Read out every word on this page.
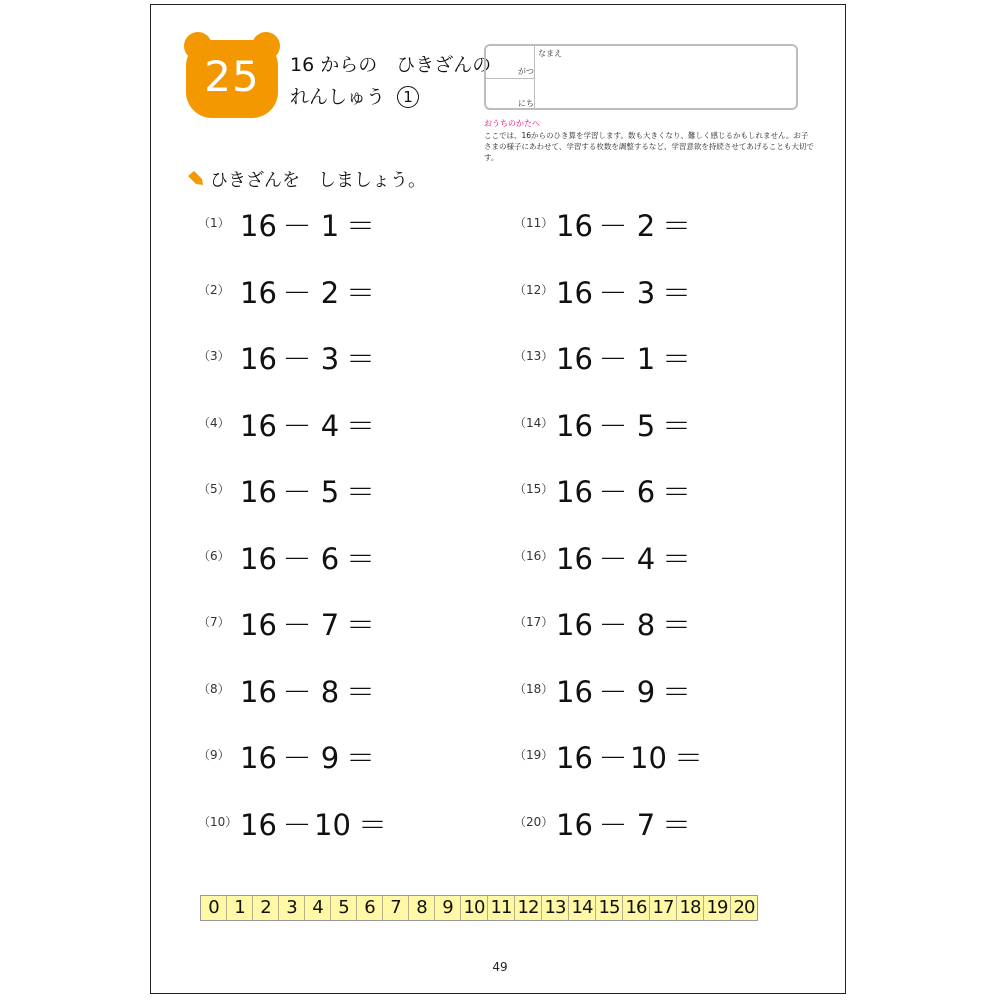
25	16 からの　ひきざんの
れんしゅう 1
なまえ
がつ
にち
おうちのかたへ
ここでは、16からのひき算を学習します。数も大きくなり、難しく感じるかもしれません。お子さまの様子にあわせて、学習する枚数を調整するなど、学習意欲を持続させてあげることも大切です。
ひきざんを　しましょう。
（1） 16 － 1 ＝
（2） 16 － 2 ＝
（3） 16 － 3 ＝
（4） 16 － 4 ＝
（5） 16 － 5 ＝
（6） 16 － 6 ＝
（7） 16 － 7 ＝
（8） 16 － 8 ＝
（9） 16 － 9 ＝
（10） 16 －10 ＝
（11） 16 － 2 ＝
（12） 16 － 3 ＝
（13） 16 － 1 ＝
（14） 16 － 5 ＝
（15） 16 － 6 ＝
（16） 16 － 4 ＝
（17） 16 － 8 ＝
（18） 16 － 9 ＝
（19） 16 －10 ＝
（20） 16 － 7 ＝
0 1 2 3 4 5 6 7 8 9 10 11 12 13 14 15 16 17 18 19 20
49
